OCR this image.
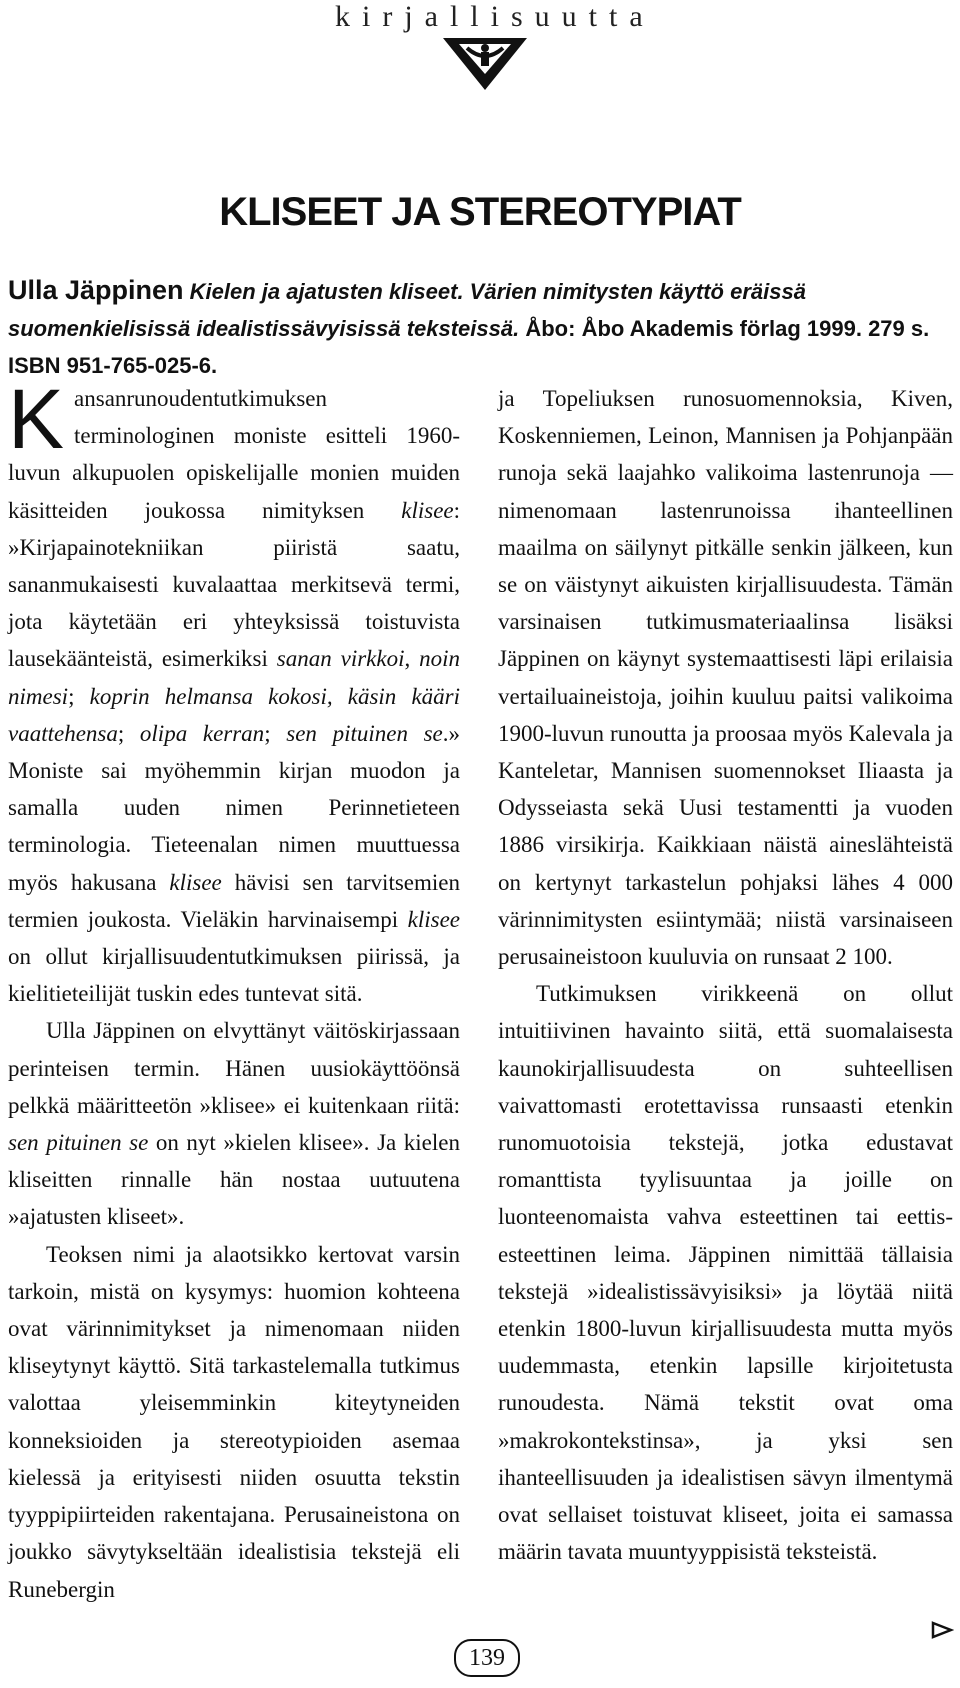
kirjallisuutta
KLISEET JA STEREOTYPIAT
Ulla Jäppinen Kielen ja ajatusten kliseet. Värien nimitysten käyttö eräissä suomenkielisissä idealistissävyisissä teksteissä. Åbo: Åbo Akademis förlag 1999. 279 s. ISBN 951-765-025-6.

Kansanrunoudentutkimuksen terminologinen moniste esitteli 1960-luvun alkupuolen opiskelijalle monien muiden käsitteiden joukossa nimityksen klisee: »Kirjapainotekniikan piiristä saatu, sananmukaisesti kuvalaattaa merkitsevä termi, jota käytetään eri yhteyksissä toistuvista lausekäänteistä, esimerkiksi sanan virkkoi, noin nimesi; koprin helmansa kokosi, käsin kääri vaattehensa; olipa kerran; sen pituinen se.» Moniste sai myöhemmin kirjan muodon ja samalla uuden nimen Perinnetieteen terminologia. Tieteenalan nimen muuttuessa myös hakusana klisee hävisi sen tarvitsemien termien joukosta. Vieläkin harvinaisempi klisee on ollut kirjallisuudentutkimuksen piirissä, ja kielitieteilijät tuskin edes tuntevat sitä.

Ulla Jäppinen on elvyttänyt väitöskirjassaan perinteisen termin. Hänen uusiokäyttöönsä pelkkä määritteetön »klisee» ei kuitenkaan riitä: sen pituinen se on nyt »kielen klisee». Ja kielen kliseitten rinnalle hän nostaa uutuutena »ajatusten kliseet».

Teoksen nimi ja alaotsikko kertovat varsin tarkoin, mistä on kysymys: huomion kohteena ovat värinnimitykset ja nimenomaan niiden kliseytynyt käyttö. Sitä tarkastelemalla tutkimus valottaa yleisemminkin kiteytyneiden konneksioiden ja stereotypioiden asemaa kielessä ja erityisesti niiden osuutta tekstin tyyppipiirteiden rakentajana. Perusaineistona on joukko sävytykseltään idealistisia tekstejä eli Runebergin

ja Topeliuksen runosuomennoksia, Kiven, Koskenniemen, Leinon, Mannisen ja Pohjanpään runoja sekä laajahko valikoima lastenrunoja — nimenomaan lastenrunoissa ihanteellinen maailma on säilynyt pitkälle senkin jälkeen, kun se on väistynyt aikuisten kirjallisuudesta. Tämän varsinaisen tutkimusmateriaalinsa lisäksi Jäppinen on käynyt systemaattisesti läpi erilaisia vertailuaineistoja, joihin kuuluu paitsi valikoima 1900-luvun runoutta ja proosaa myös Kalevala ja Kanteletar, Mannisen suomennokset Iliaasta ja Odysseiasta sekä Uusi testamentti ja vuoden 1886 virsikirja. Kaikkiaan näistä aineslähteistä on kertynyt tarkastelun pohjaksi lähes 4 000 värinnimitysten esiintymää; niistä varsinaiseen perusaineistoon kuuluvia on runsaat 2 100.

Tutkimuksen virikkeenä on ollut intuitiivinen havainto siitä, että suomalaisesta kaunokirjallisuudesta on suhteellisen vaivattomasti erotettavissa runsaasti etenkin runomuotoisia tekstejä, jotka edustavat romanttista tyylisuuntaa ja joille on luonteenomaista vahva esteettinen tai eettis-esteettinen leima. Jäppinen nimittää tällaisia tekstejä »idealistissävyisiksi» ja löytää niitä etenkin 1800-luvun kirjallisuudesta mutta myös uudemmasta, etenkin lapsille kirjoitetusta runoudesta. Nämä tekstit ovat oma »makrokontekstinsa», ja yksi sen ihanteellisuuden ja idealistisen sävyn ilmentymä ovat sellaiset toistuvat kliseet, joita ei samassa määrin tavata muuntyyppisistä teksteistä.

139
